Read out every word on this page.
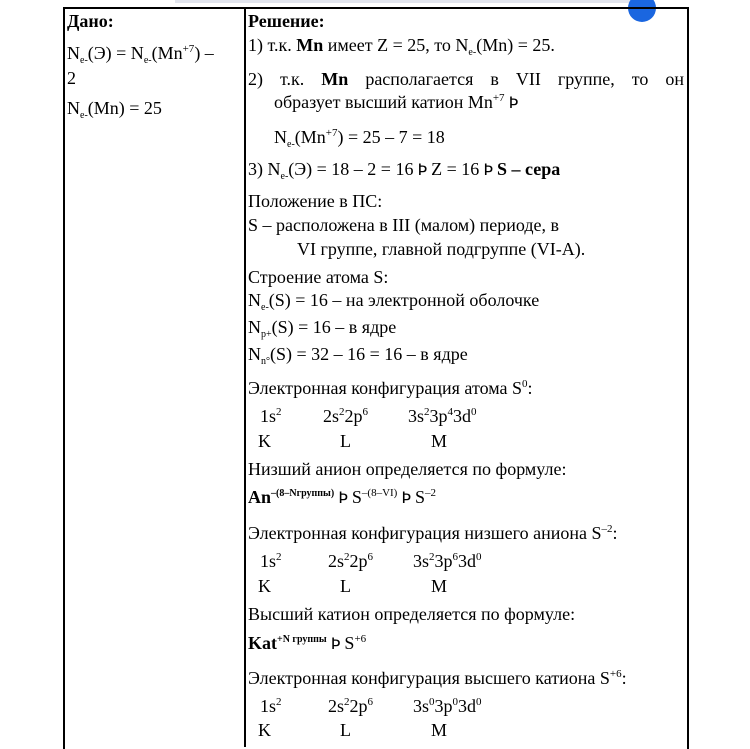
Дано:
$N_{e-}(Э) = N_{e-}(Mn^{+7})$ –
2
$N_{e-}(Mn) = 25$
Решение:
1) т.к. Mn имеет Z = 25, то $N_{e-}(Mn) = 25$.
2) т.к. Mn располагается в VII группе, то он
образует высший катион $Mn^{+7}$ Þ
$N_{e-}(Mn^{+7}) = 25 - 7 = 18$
3) $N_{e-}(Э) = 18 - 2 = 16$ Þ Z = 16 Þ S – сера
Положение в ПС:
S – расположена в III (малом) периоде, в
VI группе, главной подгруппе (VI-А).
Строение атома S:
$N_{e-}(S) = 16$ – на электронной оболочке
$N_{p+}(S) = 16 - в$ ядре
$N_{n^\circ}(S) = 32 - 16 = 16 - в$ ядре
Электронная конфигурация атома $S^0$:
$1s^2$ $2s^22p^6$ $3s^23p^43d^0$
K	L	M
Низший анион определяется по формуле:
$An^{-(8-Nгруппы)}$ Þ $S^{-(8-VI)}$ Þ $S^{-2}$
Электронная конфигурация низшего аниона $S^{-2}$:
$1s^2$	$2s^22p^6$ $3s^23p^63d^0$
K	L	M
Высший катион определяется по формуле:
Kat$^{+N группы}$ Þ $S^{+6}$
Электронная конфигурация высшего катиона $S^{+6}$:
$1s^2$	$2s^22p^6$ $3s^03p^03d^0$
K	L	M
